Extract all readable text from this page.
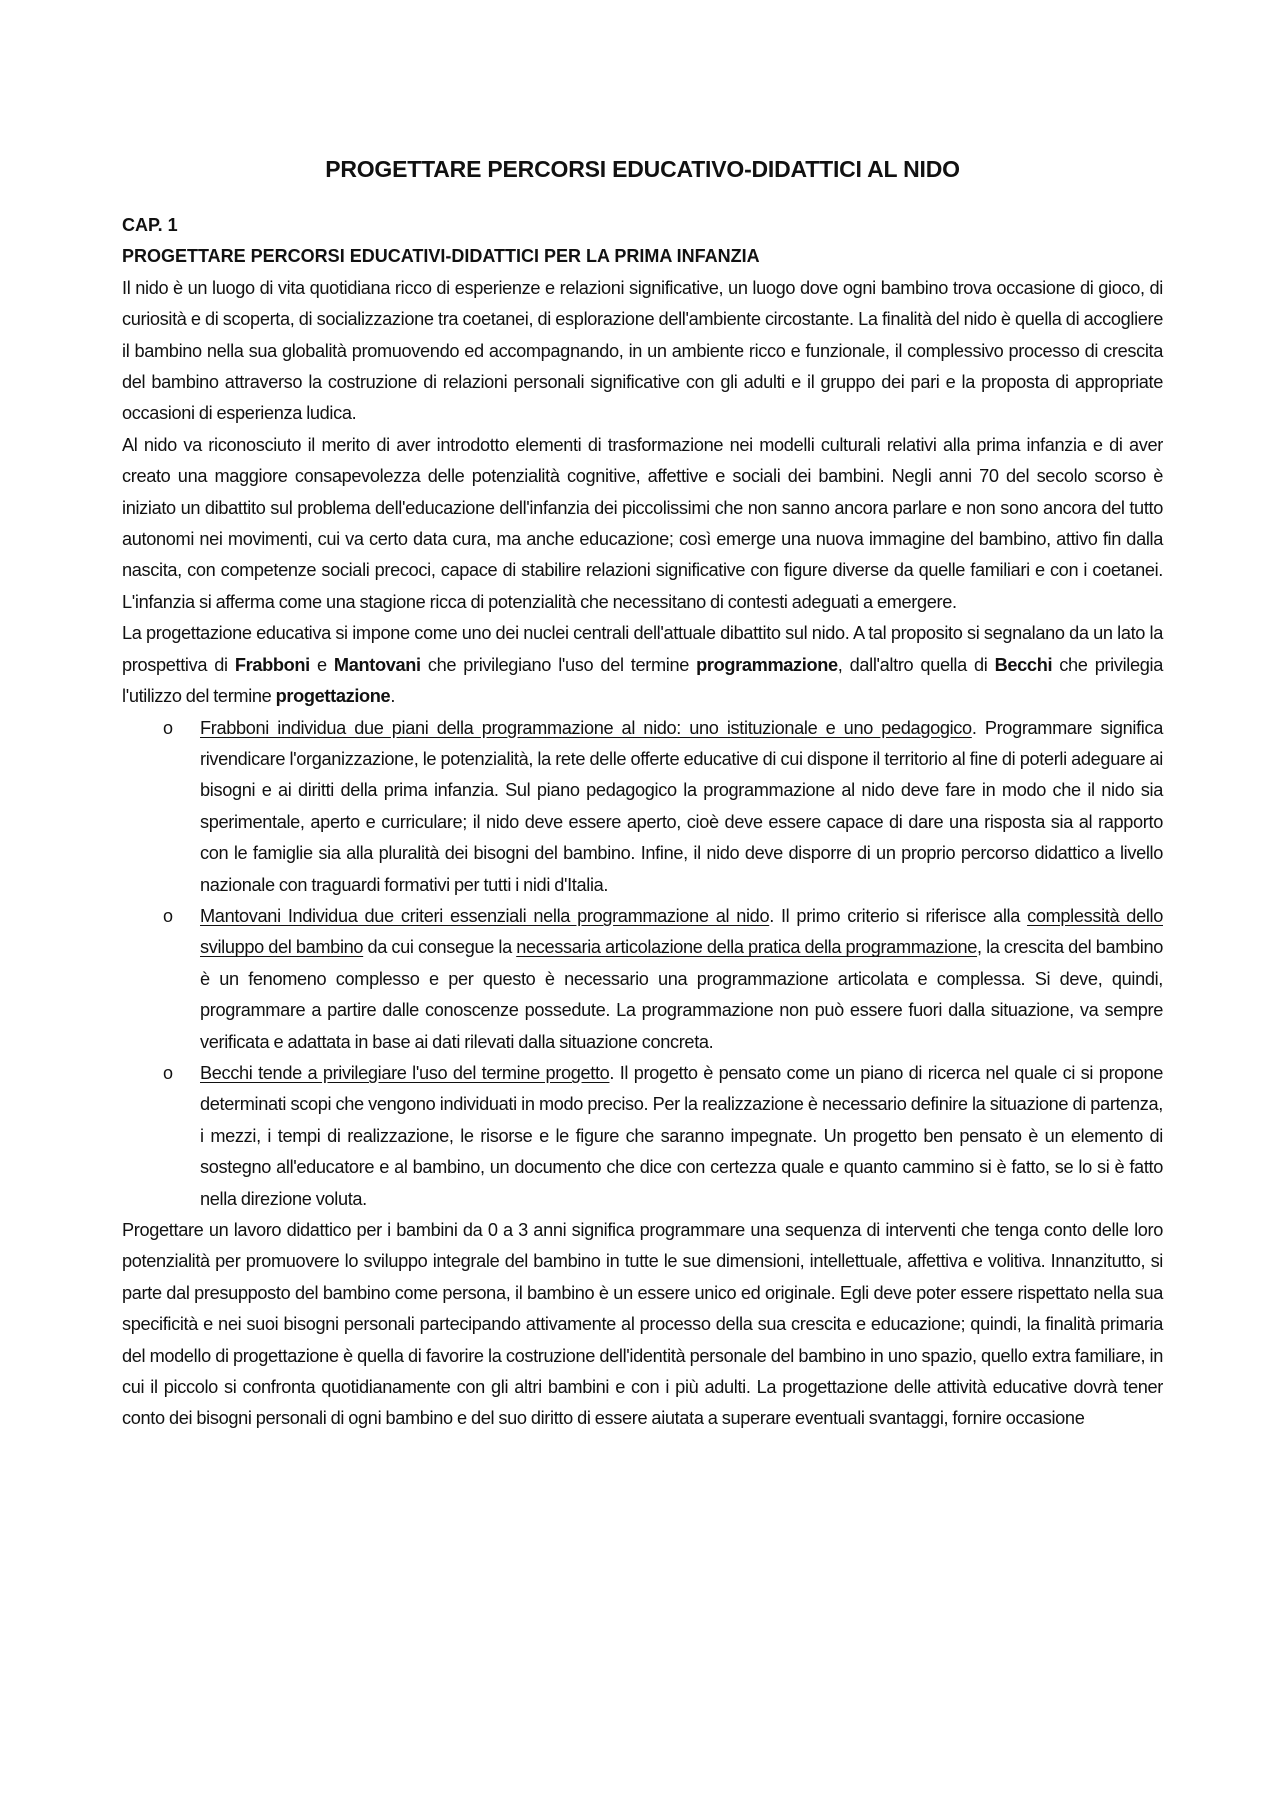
PROGETTARE PERCORSI EDUCATIVO-DIDATTICI AL NIDO
CAP. 1
PROGETTARE PERCORSI EDUCATIVI-DIDATTICI PER LA PRIMA INFANZIA

Il nido è un luogo di vita quotidiana ricco di esperienze e relazioni significative, un luogo dove ogni bambino trova occasione di gioco, di curiosità e di scoperta, di socializzazione tra coetanei, di esplorazione dell'ambiente circostante. La finalità del nido è quella di accogliere il bambino nella sua globalità promuovendo ed accompagnando, in un ambiente ricco e funzionale, il complessivo processo di crescita del bambino attraverso la costruzione di relazioni personali significative con gli adulti e il gruppo dei pari e la proposta di appropriate occasioni di esperienza ludica.

Al nido va riconosciuto il merito di aver introdotto elementi di trasformazione nei modelli culturali relativi alla prima infanzia e di aver creato una maggiore consapevolezza delle potenzialità cognitive, affettive e sociali dei bambini. Negli anni 70 del secolo scorso è iniziato un dibattito sul problema dell'educazione dell'infanzia dei piccolissimi che non sanno ancora parlare e non sono ancora del tutto autonomi nei movimenti, cui va certo data cura, ma anche educazione; così emerge una nuova immagine del bambino, attivo fin dalla nascita, con competenze sociali precoci, capace di stabilire relazioni significative con figure diverse da quelle familiari e con i coetanei. L'infanzia si afferma come una stagione ricca di potenzialità che necessitano di contesti adeguati a emergere.

La progettazione educativa si impone come uno dei nuclei centrali dell'attuale dibattito sul nido. A tal proposito si segnalano da un lato la prospettiva di Frabboni e Mantovani che privilegiano l'uso del termine programmazione, dall'altro quella di Becchi che privilegia l'utilizzo del termine progettazione.

o Frabboni individua due piani della programmazione al nido: uno istituzionale e uno pedagogico. Programmare significa rivendicare l'organizzazione, le potenzialità, la rete delle offerte educative di cui dispone il territorio al fine di poterli adeguare ai bisogni e ai diritti della prima infanzia. Sul piano pedagogico la programmazione al nido deve fare in modo che il nido sia sperimentale, aperto e curriculare; il nido deve essere aperto, cioè deve essere capace di dare una risposta sia al rapporto con le famiglie sia alla pluralità dei bisogni del bambino. Infine, il nido deve disporre di un proprio percorso didattico a livello nazionale con traguardi formativi per tutti i nidi d'Italia.

o Mantovani Individua due criteri essenziali nella programmazione al nido. Il primo criterio si riferisce alla complessità dello sviluppo del bambino da cui consegue la necessaria articolazione della pratica della programmazione, la crescita del bambino è un fenomeno complesso e per questo è necessario una programmazione articolata e complessa. Si deve, quindi, programmare a partire dalle conoscenze possedute. La programmazione non può essere fuori dalla situazione, va sempre verificata e adattata in base ai dati rilevati dalla situazione concreta.

o Becchi tende a privilegiare l'uso del termine progetto. Il progetto è pensato come un piano di ricerca nel quale ci si propone determinati scopi che vengono individuati in modo preciso. Per la realizzazione è necessario definire la situazione di partenza, i mezzi, i tempi di realizzazione, le risorse e le figure che saranno impegnate. Un progetto ben pensato è un elemento di sostegno all'educatore e al bambino, un documento che dice con certezza quale e quanto cammino si è fatto, se lo si è fatto nella direzione voluta.

Progettare un lavoro didattico per i bambini da 0 a 3 anni significa programmare una sequenza di interventi che tenga conto delle loro potenzialità per promuovere lo sviluppo integrale del bambino in tutte le sue dimensioni, intellettuale, affettiva e volitiva. Innanzitutto, si parte dal presupposto del bambino come persona, il bambino è un essere unico ed originale. Egli deve poter essere rispettato nella sua specificità e nei suoi bisogni personali partecipando attivamente al processo della sua crescita e educazione; quindi, la finalità primaria del modello di progettazione è quella di favorire la costruzione dell'identità personale del bambino in uno spazio, quello extra familiare, in cui il piccolo si confronta quotidianamente con gli altri bambini e con i più adulti. La progettazione delle attività educative dovrà tener conto dei bisogni personali di ogni bambino e del suo diritto di essere aiutata a superare eventuali svantaggi, fornire occasione
